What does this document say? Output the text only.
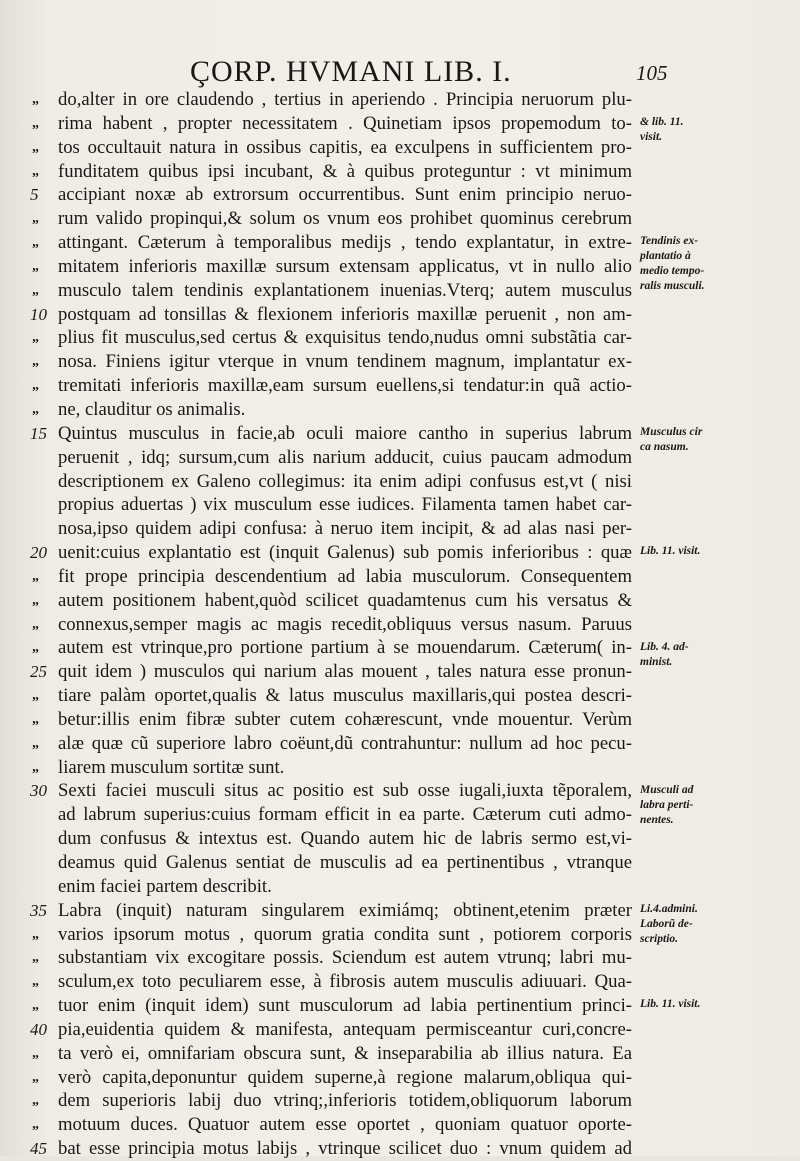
ÇORP. HVMANI LIB. I.	105
„ do,alter in ore claudendo , tertius in aperiendo . Principia neruorum plu-
„ rima habent , propter necessitatem . Quinetiam ipsos propemodum to-
„ tos occultauit natura in ossibus capitis, ea exculpens in sufficientem pro-
„ funditatem quibus ipsi incubant, & à quibus proteguntur : vt minimum
5 accipiant noxæ ab extrorsum occurrentibus. Sunt enim principio neruo-
„ rum valido propinqui,& solum os vnum eos prohibet quominus cerebrum
„ attingant. Cæterum à temporalibus medijs , tendo explantatur, in extre-
„ mitatem inferioris maxillæ sursum extensam applicatus, vt in nullo alio
„ musculo talem tendinis explantationem inuenias.Vterq; autem musculus
10 postquam ad tonsillas & flexionem inferioris maxillæ peruenit , non am-
„ plius fit musculus,sed certus & exquisitus tendo,nudus omni substãtia car-
„ nosa. Finiens igitur vterque in vnum tendinem magnum, implantatur ex-
„ tremitati inferioris maxillæ,eam sursum euellens,si tendatur:in quã actio-
„ ne, clauditur os animalis.
15 Quintus musculus in facie,ab oculi maiore cantho in superius labrum
peruenit , idq; sursum,cum alis narium adducit, cuius paucam admodum
descriptionem ex Galeno collegimus: ita enim adipi confusus est,vt ( nisi
propius aduertas ) vix musculum esse iudices. Filamenta tamen habet car-
nosa,ipso quidem adipi confusa: à neruo item incipit, & ad alas nasi per-
20 uenit:cuius explantatio est (inquit Galenus) sub pomis inferioribus : quæ
„ fit prope principia descendentium ad labia musculorum. Consequentem
„ autem positionem habent,quòd scilicet quadamtenus cum his versatus &
„ connexus,semper magis ac magis recedit,obliquus versus nasum. Paruus
„ autem est vtrinque,pro portione partium à se mouendarum. Cæterum( in-
25 quit idem ) musculos qui narium alas mouent , tales natura esse pronun-
„ tiare palàm oportet,qualis & latus musculus maxillaris,qui postea descri-
„ betur:illis enim fibræ subter cutem cohærescunt, vnde mouentur. Verùm
„ alæ quæ cũ superiore labro coëunt,dũ contrahuntur: nullum ad hoc pecu-
„ liarem musculum sortitæ sunt.
30 Sexti faciei musculi situs ac positio est sub osse iugali,iuxta tẽporalem,
ad labrum superius:cuius formam efficit in ea parte. Cæterum cuti admo-
dum confusus & intextus est. Quando autem hic de labris sermo est,vi-
deamus quid Galenus sentiat de musculis ad ea pertinentibus , vtranque
enim faciei partem describit.
35 Labra (inquit) naturam singularem eximiámq; obtinent,etenim præter
„ varios ipsorum motus , quorum gratia condita sunt , potiorem corporis
„ substantiam vix excogitare possis. Sciendum est autem vtrunq; labri mu-
„ sculum,ex toto peculiarem esse, à fibrosis autem musculis adiuuari. Qua-
„ tuor enim (inquit idem) sunt musculorum ad labia pertinentium princi-
40 pia,euidentia quidem & manifesta, antequam permisceantur curi,concre-
„ ta verò ei, omnifariam obscura sunt, & inseparabilia ab illius natura. Ea
„ verò capita,deponuntur quidem superne,à regione malarum,obliqua qui-
„ dem superioris labij duo vtrinq;,inferioris totidem,obliquorum laborum
„ motuum duces. Quatuor autem esse oportet , quoniam quatuor oporte-
45 bat esse principia motus labijs , vtrinque scilicet duo : vnum quidem ad
& lib. 11.
visit.
Tendinis ex-
plantatio à
medio tempo-
ralis musculi.
Musculus cir
ca nasum.
Lib. 11. visit.
Lib. 4. ad-
minist.
Musculi ad
labra perti-
nentes.
Li.4.admini.
Laborũ de-
scriptio.
Lib. 11. visit.
